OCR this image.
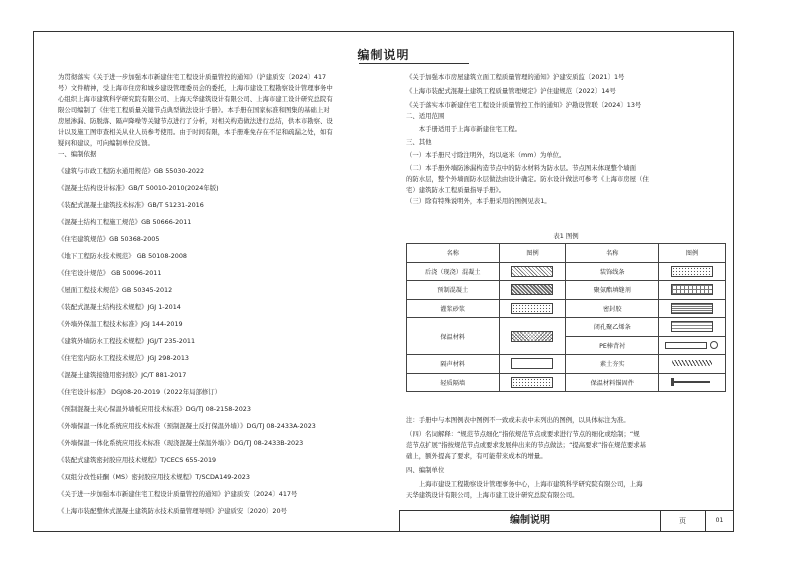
编制说明
为贯彻落实《关于进一步加强本市新建住宅工程设计质量管控的通知》（沪建质安〔2024〕417
号）文件精神，受上海市住房和城乡建设管理委员会的委托，上海市建设工程勘察设计管理事务中
心组织上海市建筑科学研究院有限公司、上海天华建筑设计有限公司、上海市建工设计研究总院有
限公司编制了《住宅工程质量关键节点典型做法设计手册》。本手册在国家标准和图集的基础上对
房屋渗漏、防脱落、隔声降噪等关键节点进行了分析，对相关构造做法进行总结，供本市勘察、设
计以及施工图审查相关从业人员参考使用。由于时间有限，本手册难免存在不足和疏漏之处，如有
疑问和建议，可向编制单位反馈。
一、编制依据
《建筑与市政工程防水通用规范》GB 55030-2022
《混凝土结构设计标准》GB/T 50010-2010(2024年版)
《装配式混凝土建筑技术标准》GB/T 51231-2016
《混凝土结构工程施工规范》GB 50666-2011
《住宅建筑规范》GB 50368-2005
《地下工程防水技术规范》 GB 50108-2008
《住宅设计规范》 GB 50096-2011
《屋面工程技术规范》GB 50345-2012
《装配式混凝土结构技术规程》JGJ 1-2014
《外墙外保温工程技术标准》JGJ 144-2019
《建筑外墙防水工程技术规程》JGJ/T 235-2011
《住宅室内防水工程技术规范》JGJ 298-2013
《混凝土建筑接缝用密封胶》JC/T 881-2017
《住宅设计标准》 DGJ08-20-2019（2022年局部修订）
《预制混凝土夹心保温外墙板应用技术标准》DG/TJ 08-2158-2023
《外墙保温一体化系统应用技术标准（预制混凝土反打保温外墙）》DG/TJ 08-2433A-2023
《外墙保温一体化系统应用技术标准（现浇混凝土保温外墙）》DG/TJ 08-2433B-2023
《装配式建筑密封胶应用技术规程》T/CECS 655-2019
《双组分改性硅酮（MS）密封胶应用技术规程》T/SCDA149-2023
《关于进一步加强本市新建住宅工程设计质量管控的通知》沪建质安〔2024〕417号
《上海市装配整体式混凝土建筑防水技术质量管理导则》沪建质安〔2020〕20号
《关于加强本市房屋建筑立面工程质量管理的通知》沪建安质监〔2021〕1号
《上海市装配式混凝土建筑工程质量管理规定》沪住建规范〔2022〕14号
《关于落实本市新建住宅工程设计质量管控工作的通知》沪勘设管联〔2024〕13号
二、适用范围
本手册适用于上海市新建住宅工程。
三、其他
（一）本手册尺寸除注明外，均以毫米（mm）为单位。
（二）本手册外墙防渗漏构造节点中的防水材料为防水层。节点图未体现整个墙面
的防水层，整个外墙面防水层做法由设计确定。防水设计做法可参考《上海市房屋（住
宅）建筑防水工程质量指导手册》。
（三）除有特殊说明外，本手册采用的图例见表1。
表1 图例
名称	图例	名称	图例
后浇（现浇）混凝土		装饰线条	
预制混凝土		聚氨酯填缝剂	
灌浆砂浆		密封胶	
保温材料		闭孔聚乙烯条	
		PE棒背衬	
隔声材料		素土夯实	
轻质隔墙		保温材料锚固件	
注：手册中与本图例表中图例不一致或未表中未列出的图例，以具体标注为准。
（四）名词解释：“规范节点细化”指依规范节点或要求进行节点的细化或绘制；“规
范节点扩展”指按规范节点或要求发展伸出来的节点做法；“提高要求”指在规范要求基
础上，额外提高了要求，有可能带来成本的增量。
四、编制单位
上海市建设工程勘察设计管理事务中心，上海市建筑科学研究院有限公司，上海
天华建筑设计有限公司，上海市建工设计研究总院有限公司。
编制说明	页	01
